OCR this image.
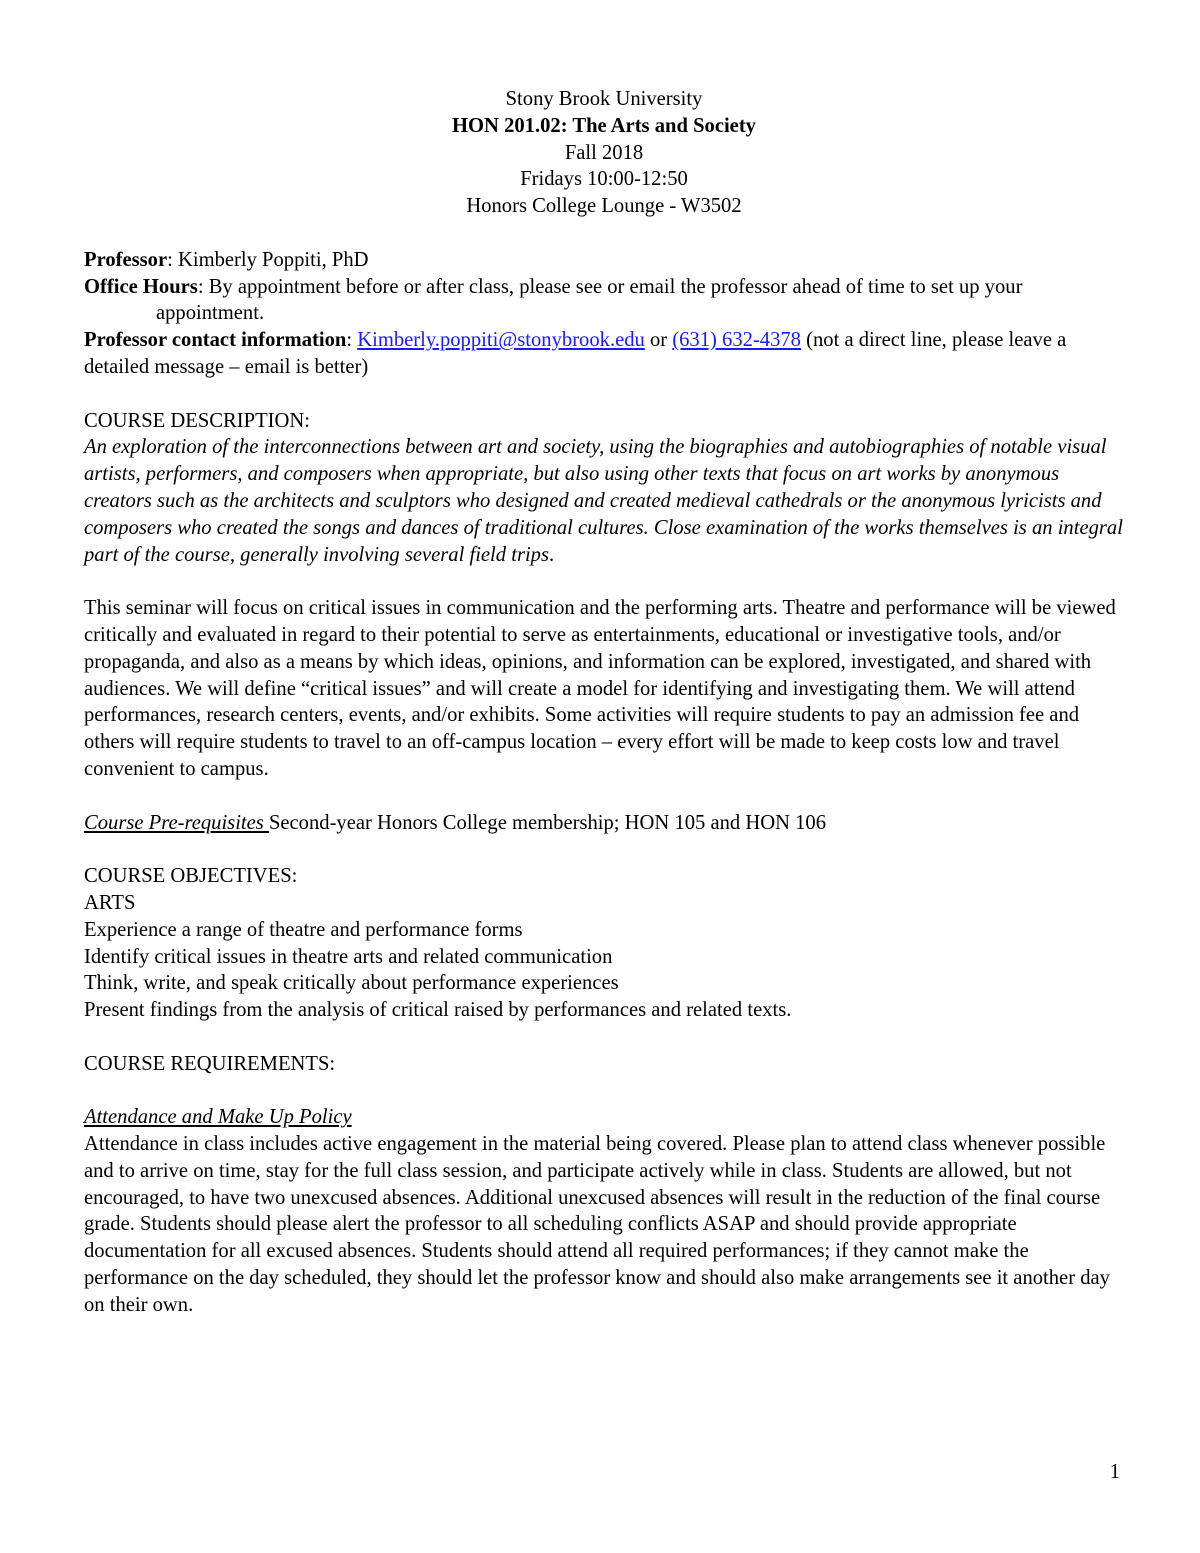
Stony Brook University
HON 201.02: The Arts and Society
Fall 2018
Fridays 10:00-12:50
Honors College Lounge - W3502

Professor: Kimberly Poppiti, PhD

Office Hours: By appointment before or after class, please see or email the professor ahead of time to set up your appointment.

Professor contact information: Kimberly.poppiti@stonybrook.edu or (631) 632-4378 (not a direct line, please leave a detailed message – email is better)

COURSE DESCRIPTION:

An exploration of the interconnections between art and society, using the biographies and autobiographies of notable visual artists, performers, and composers when appropriate, but also using other texts that focus on art works by anonymous creators such as the architects and sculptors who designed and created medieval cathedrals or the anonymous lyricists and composers who created the songs and dances of traditional cultures. Close examination of the works themselves is an integral part of the course, generally involving several field trips.

This seminar will focus on critical issues in communication and the performing arts. Theatre and performance will be viewed critically and evaluated in regard to their potential to serve as entertainments, educational or investigative tools, and/or propaganda, and also as a means by which ideas, opinions, and information can be explored, investigated, and shared with audiences. We will define “critical issues” and will create a model for identifying and investigating them. We will attend performances, research centers, events, and/or exhibits. Some activities will require students to pay an admission fee and others will require students to travel to an off-campus location – every effort will be made to keep costs low and travel convenient to campus.

Course Pre-requisites Second-year Honors College membership; HON 105 and HON 106

COURSE OBJECTIVES:

ARTS

Experience a range of theatre and performance forms

Identify critical issues in theatre arts and related communication

Think, write, and speak critically about performance experiences

Present findings from the analysis of critical raised by performances and related texts.

COURSE REQUIREMENTS:

Attendance and Make Up Policy

Attendance in class includes active engagement in the material being covered. Please plan to attend class whenever possible and to arrive on time, stay for the full class session, and participate actively while in class. Students are allowed, but not encouraged, to have two unexcused absences. Additional unexcused absences will result in the reduction of the final course grade. Students should please alert the professor to all scheduling conflicts ASAP and should provide appropriate documentation for all excused absences. Students should attend all required performances; if they cannot make the performance on the day scheduled, they should let the professor know and should also make arrangements see it another day on their own.

1
